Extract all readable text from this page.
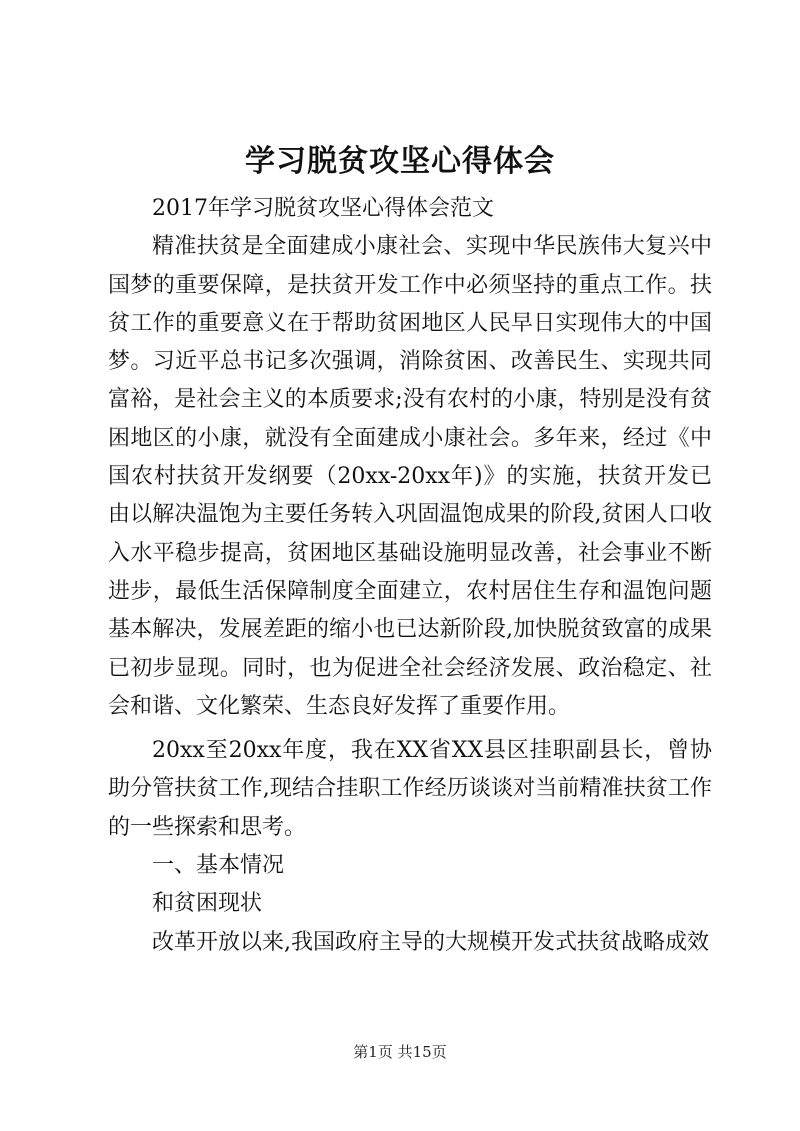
学习脱贫攻坚心得体会

2017年学习脱贫攻坚心得体会范文

精准扶贫是全面建成小康社会、实现中华民族伟大复兴中国梦的重要保障，是扶贫开发工作中必须坚持的重点工作。扶贫工作的重要意义在于帮助贫困地区人民早日实现伟大的中国梦。习近平总书记多次强调，消除贫困、改善民生、实现共同富裕，是社会主义的本质要求;没有农村的小康，特别是没有贫困地区的小康，就没有全面建成小康社会。多年来，经过《中国农村扶贫开发纲要（20xx-20xx年)》的实施，扶贫开发已由以解决温饱为主要任务转入巩固温饱成果的阶段,贫困人口收入水平稳步提高，贫困地区基础设施明显改善，社会事业不断进步，最低生活保障制度全面建立，农村居住生存和温饱问题基本解决，发展差距的缩小也已达新阶段,加快脱贫致富的成果已初步显现。同时，也为促进全社会经济发展、政治稳定、社会和谐、文化繁荣、生态良好发挥了重要作用。

20xx至20xx年度，我在XX省XX县区挂职副县长，曾协助分管扶贫工作,现结合挂职工作经历谈谈对当前精准扶贫工作的一些探索和思考。

一、基本情况

和贫困现状

改革开放以来,我国政府主导的大规模开发式扶贫战略成效

第1页 共15页
